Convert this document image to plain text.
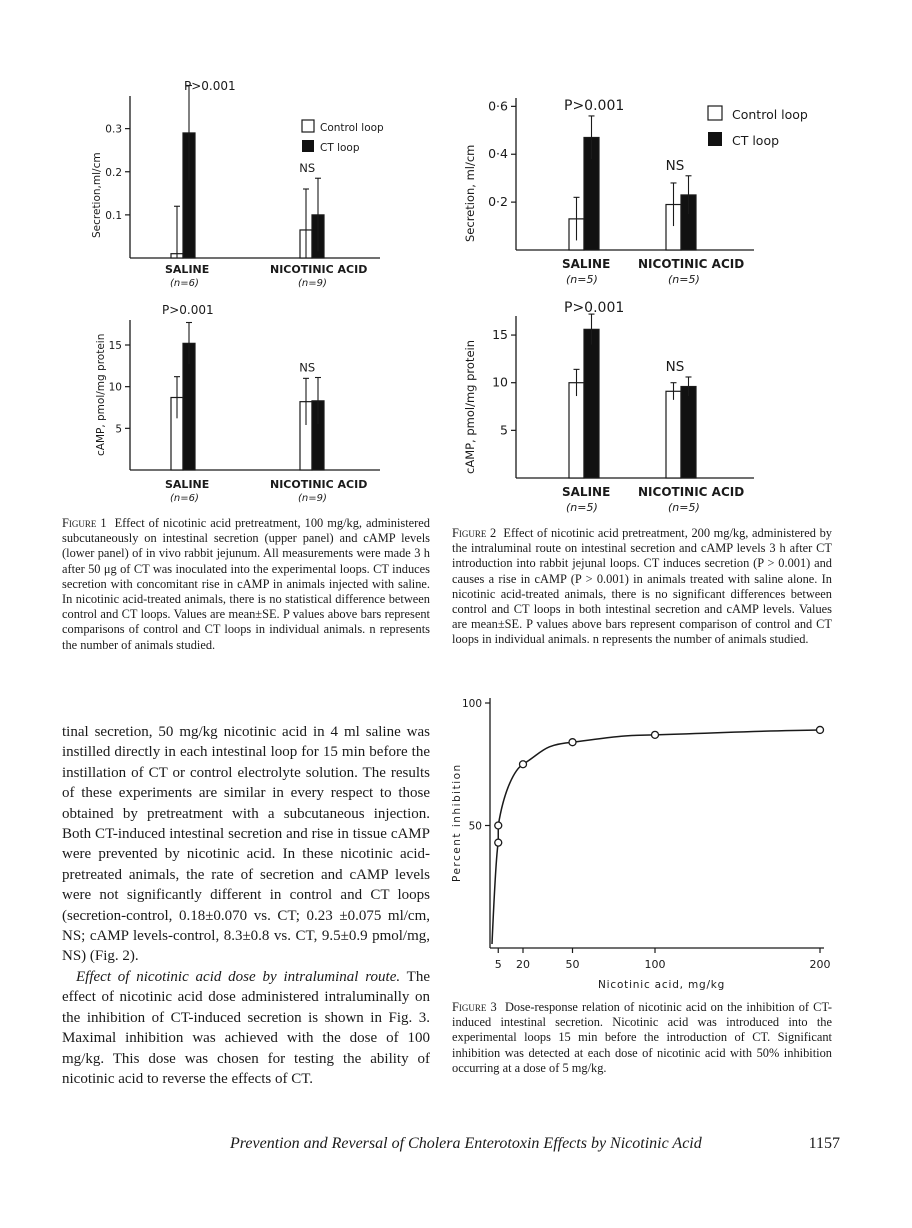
P>0.001
0.1
0.2
0.3
Secretion,ml/cm	NS
Control loop
CT loop
SALINE
(n=6)
NICOTINIC ACID
(n=9)
P>0.001
5
10
15
cAMP, pmol/mg protein	NS
SALINE
(n=6)
NICOTINIC ACID
(n=9)
Figure 1 Effect of nicotinic acid pretreatment, 100 mg/kg, administered subcutaneously on intestinal secretion (upper panel) and cAMP levels (lower panel) of in vivo rabbit jejunum. All measurements were made 3 h after 50 μg of CT was inoculated into the experimental loops. CT induces secretion with concomitant rise in cAMP in animals injected with saline. In nicotinic acid-treated animals, there is no statistical difference between control and CT loops. Values are mean±SE. P values above bars represent comparisons of control and CT loops in individual animals. n represents the number of animals studied.
P>0.001
0·2
0·4
0·6
Secretion, ml/cm	NS
Control loop
CT loop
SALINE
(n=5)
NICOTINIC ACID
(n=5)
P>0.001
5
10
15
cAMP, pmol/mg protein	NS
SALINE
(n=5)
NICOTINIC ACID
(n=5)
Figure 2 Effect of nicotinic acid pretreatment, 200 mg/kg, administered by the intraluminal route on intestinal secretion and cAMP levels 3 h after CT introduction into rabbit jejunal loops. CT induces secretion (P > 0.001) and causes a rise in cAMP (P > 0.001) in animals treated with saline alone. In nicotinic acid-treated animals, there is no significant differences between control and CT loops in both intestinal secretion and cAMP levels. Values are mean±SE. P values above bars represent comparison of control and CT loops in individual animals. n represents the number of animals studied.
50
100
5 20	50	100	200
Percent inhibition
Nicotinic acid, mg/kg
Figure 3 Dose-response relation of nicotinic acid on the inhibition of CT-induced intestinal secretion. Nicotinic acid was introduced into the experimental loops 15 min before the introduction of CT. Significant inhibition was detected at each dose of nicotinic acid with 50% inhibition occurring at a dose of 5 mg/kg.

tinal secretion, 50 mg/kg nicotinic acid in 4 ml saline was instilled directly in each intestinal loop for 15 min before the instillation of CT or control electrolyte solution. The results of these experiments are similar in every respect to those obtained by pretreatment with a subcutaneous injection. Both CT-induced intestinal secretion and rise in tissue cAMP were prevented by nicotinic acid. In these nicotinic acid-pretreated animals, the rate of secretion and cAMP levels were not significantly different in control and CT loops (secretion-control, 0.18±0.070 vs. CT; 0.23 ±0.075 ml/cm, NS; cAMP levels-control, 8.3±0.8 vs. CT, 9.5±0.9 pmol/mg, NS) (Fig. 2).

Effect of nicotinic acid dose by intraluminal route. The effect of nicotinic acid dose administered intraluminally on the inhibition of CT-induced secretion is shown in Fig. 3. Maximal inhibition was achieved with the dose of 100 mg/kg. This dose was chosen for testing the ability of nicotinic acid to reverse the effects of CT.

Prevention and Reversal of Cholera Enterotoxin Effects by Nicotinic Acid	1157
